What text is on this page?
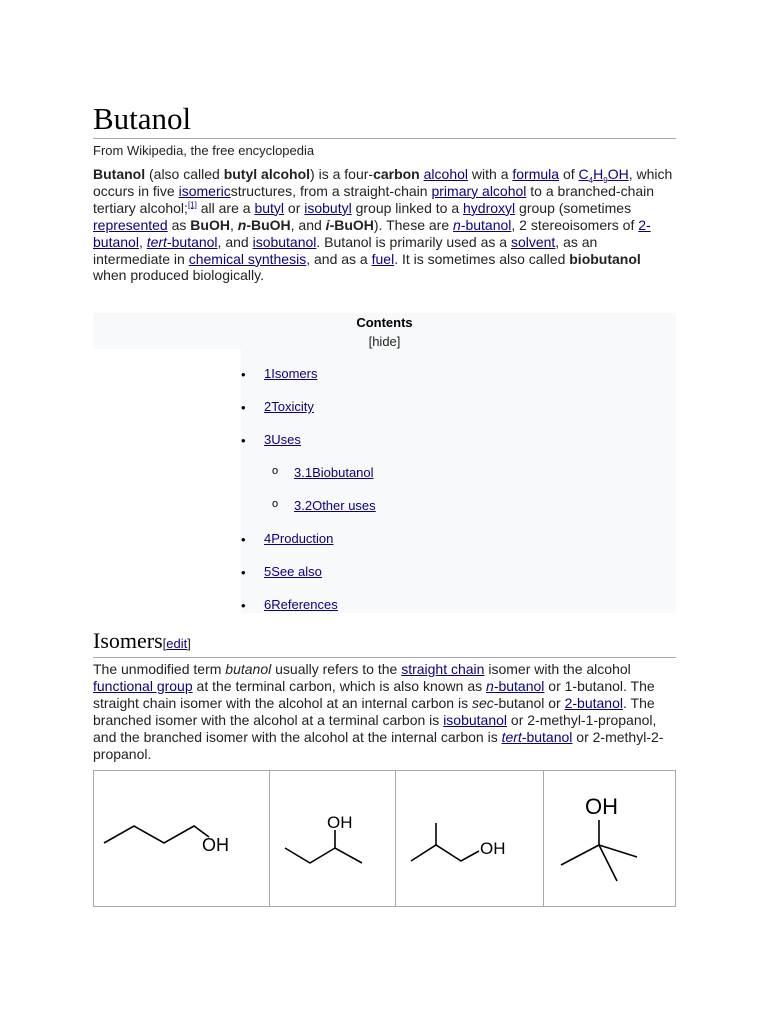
Butanol
From Wikipedia, the free encyclopedia

Butanol (also called butyl alcohol) is a four-carbon alcohol with a formula of $C_4H_9OH$, which occurs in five isomericstructures, from a straight-chain primary alcohol to a branched-chain tertiary alcohol;[1] all are a butyl or isobutyl group linked to a hydroxyl group (sometimes represented as BuOH, n-BuOH, and i-BuOH). These are n-butanol, 2 stereoisomers of 2-butanol, tert-butanol, and isobutanol. Butanol is primarily used as a solvent, as an intermediate in chemical synthesis, and as a fuel. It is sometimes also called biobutanol when produced biologically.

Contents
[hide]
• 1Isomers
• 2Toxicity
• 3Uses
o 3.1Biobutanol
o 3.2Other uses
• 4Production
• 5See also
• 6References
Isomers[edit]

The unmodified term butanol usually refers to the straight chain isomer with the alcohol functional group at the terminal carbon, which is also known as n-butanol or 1-butanol. The straight chain isomer with the alcohol at an internal carbon is sec-butanol or 2-butanol. The branched isomer with the alcohol at a terminal carbon is isobutanol or 2-methyl-1-propanol, and the branched isomer with the alcohol at the internal carbon is tert-butanol or 2-methyl-2-propanol.

OH
OH
OH
OH
